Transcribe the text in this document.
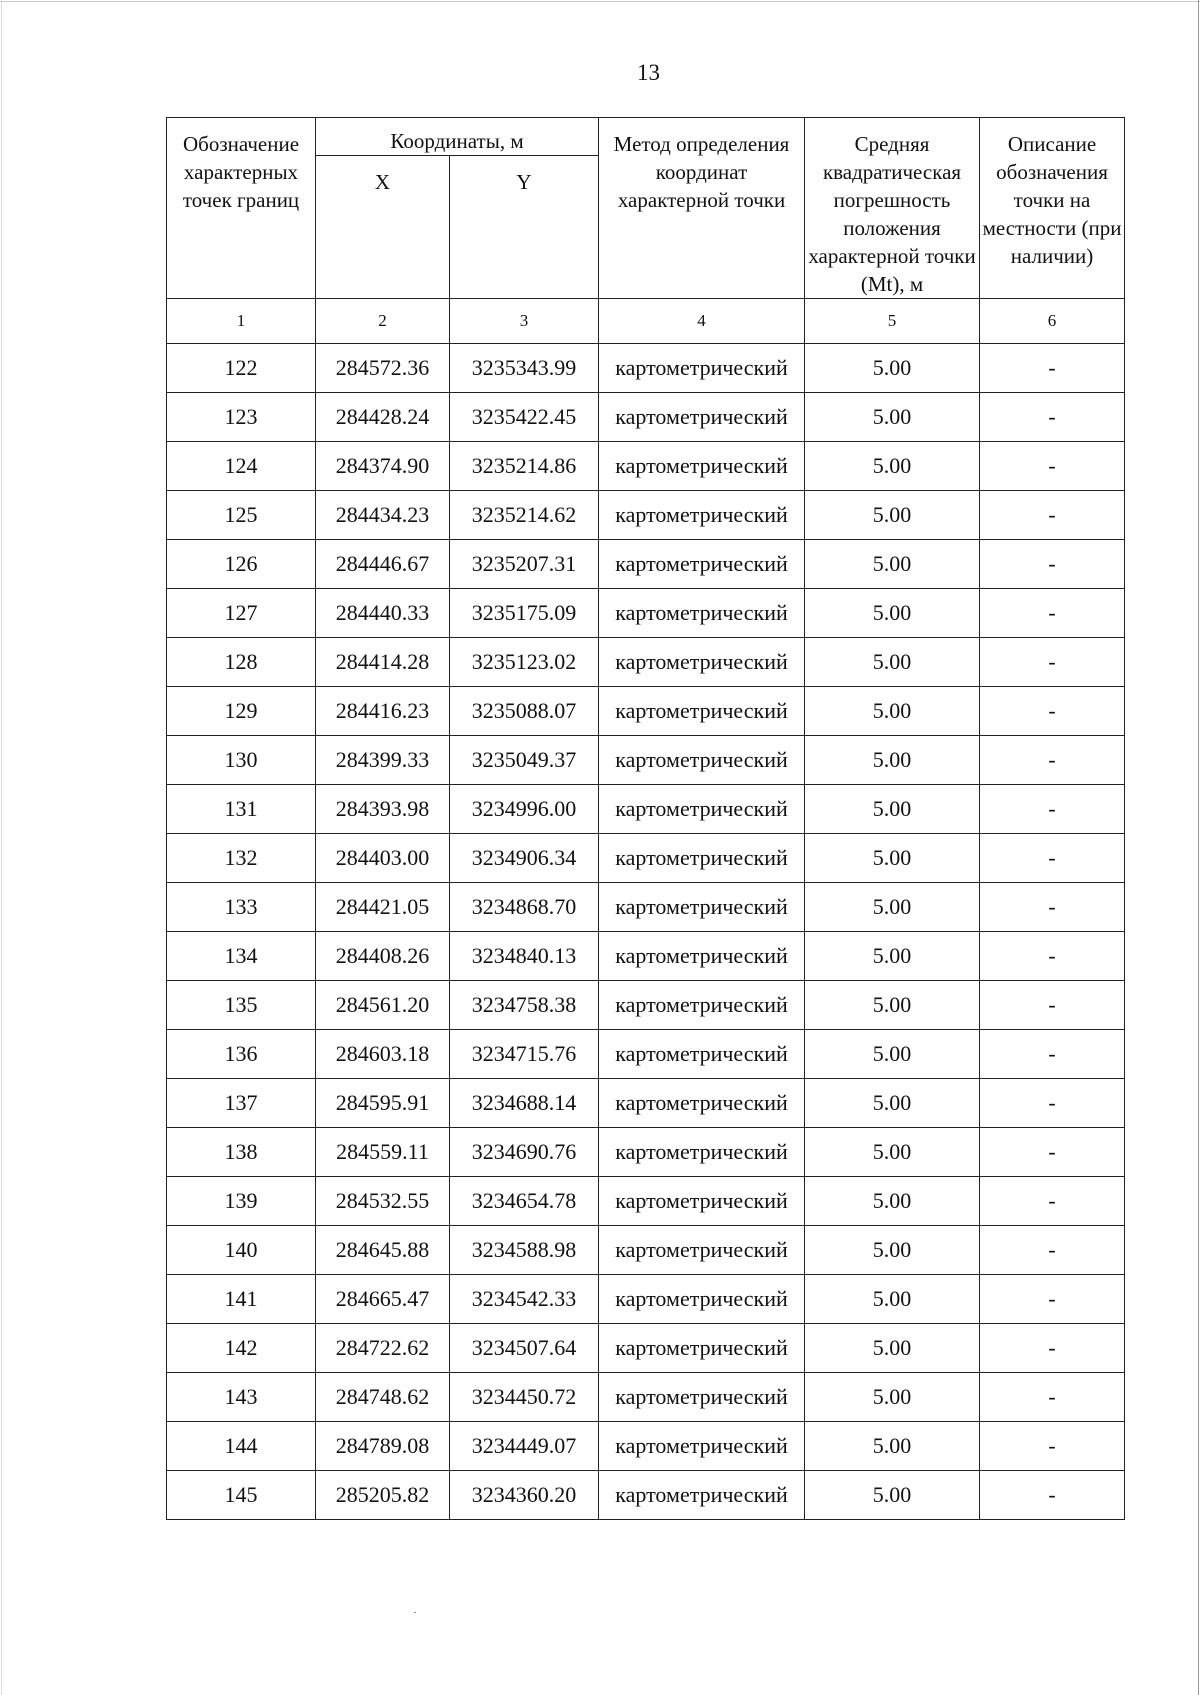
13
Обозначение характерных точек границ	Координаты, м		Метод определения координат характерной точки	Средняя квадратическая погрешность положения характерной точки (Mt), м	Описание обозначения точки на местности (при наличии)
	X	Y			
1	2	3	4	5	6
122	284572.36	3235343.99	картометрический	5.00	-
123	284428.24	3235422.45	картометрический	5.00	-
124	284374.90	3235214.86	картометрический	5.00	-
125	284434.23	3235214.62	картометрический	5.00	-
126	284446.67	3235207.31	картометрический	5.00	-
127	284440.33	3235175.09	картометрический	5.00	-
128	284414.28	3235123.02	картометрический	5.00	-
129	284416.23	3235088.07	картометрический	5.00	-
130	284399.33	3235049.37	картометрический	5.00	-
131	284393.98	3234996.00	картометрический	5.00	-
132	284403.00	3234906.34	картометрический	5.00	-
133	284421.05	3234868.70	картометрический	5.00	-
134	284408.26	3234840.13	картометрический	5.00	-
135	284561.20	3234758.38	картометрический	5.00	-
136	284603.18	3234715.76	картометрический	5.00	-
137	284595.91	3234688.14	картометрический	5.00	-
138	284559.11	3234690.76	картометрический	5.00	-
139	284532.55	3234654.78	картометрический	5.00	-
140	284645.88	3234588.98	картометрический	5.00	-
141	284665.47	3234542.33	картометрический	5.00	-
142	284722.62	3234507.64	картометрический	5.00	-
143	284748.62	3234450.72	картометрический	5.00	-
144	284789.08	3234449.07	картометрический	5.00	-
145	285205.82	3234360.20	картометрический	5.00	-
